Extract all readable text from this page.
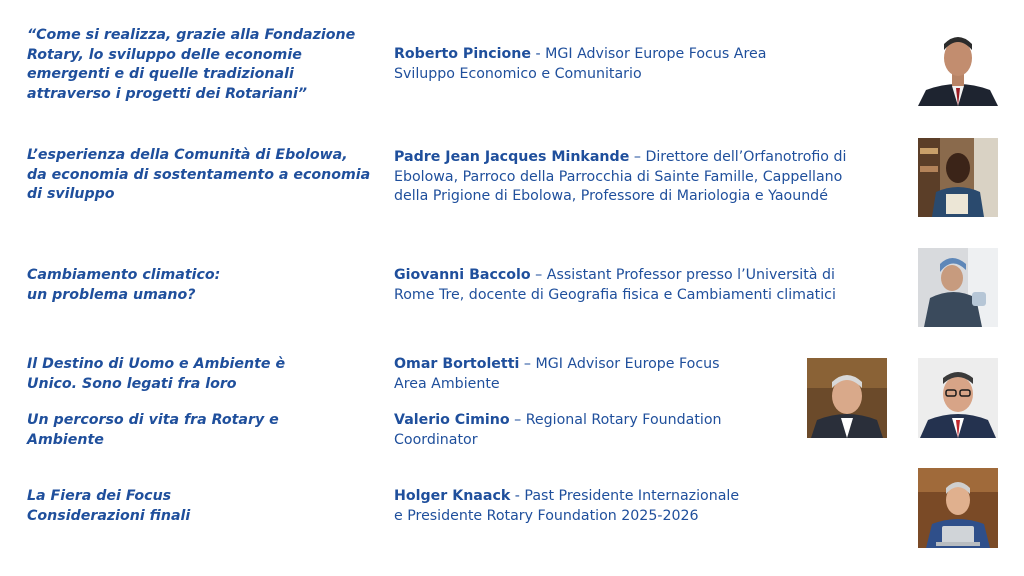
“Come si realizza, grazie alla Fondazione
Rotary, lo sviluppo delle economie
emergenti e di quelle tradizionali
attraverso i progetti dei Rotariani”
Roberto Pincione - MGI Advisor Europe Focus Area
Sviluppo Economico e Comunitario
L’esperienza della Comunità di Ebolowa,
da economia di sostentamento a economia
di sviluppo
Padre Jean Jacques Minkande – Direttore dell’Orfanotrofio di
Ebolowa, Parroco della Parrocchia di Sainte Famille, Cappellano
della Prigione di Ebolowa, Professore di Mariologia e Yaoundé
Cambiamento climatico:
un problema umano?
Giovanni Baccolo – Assistant Professor presso l’Università di
Rome Tre, docente di Geografia fisica e Cambiamenti climatici
Il Destino di Uomo e Ambiente è
Unico. Sono legati fra loro
Omar Bortoletti – MGI Advisor Europe Focus
Area Ambiente
Un percorso di vita fra Rotary e
Ambiente
Valerio Cimino – Regional Rotary Foundation
Coordinator
La Fiera dei Focus
Considerazioni finali
Holger Knaack - Past Presidente Internazionale
e Presidente Rotary Foundation 2025-2026
